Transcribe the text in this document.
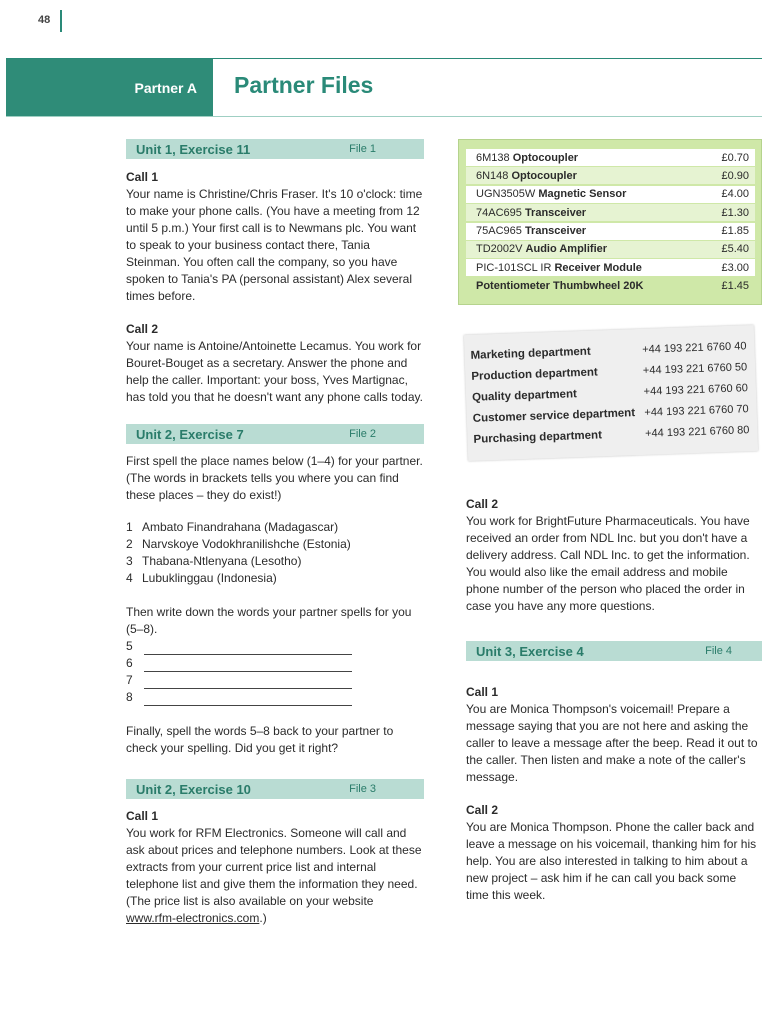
48
Partner A Partner Files
Unit 1, Exercise 11	File 1
Call 1

Your name is Christine/Chris Fraser. It's 10 o'clock: time to make your phone calls. (You have a meeting from 12 until 5 p.m.) Your first call is to Newmans plc. You want to speak to your business contact there, Tania Steinman. You often call the company, so you have spoken to Tania's PA (personal assistant) Alex several times before.

Call 2

Your name is Antoine/Antoinette Lecamus. You work for Bouret-Bouget as a secretary. Answer the phone and help the caller. Important: your boss, Yves Martignac, has told you that he doesn't want any phone calls today.

Unit 2, Exercise 7	File 2

First spell the place names below (1–4) for your partner. (The words in brackets tells you where you can find these places – they do exist!)

1 Ambato Finandrahana (Madagascar)
2 Narvskoye Vodokhranilishche (Estonia)
3 Thabana-Ntlenyana (Lesotho)
4 Lubuklinggau (Indonesia)

Then write down the words your partner spells for you (5–8).

5
6
7
8

Finally, spell the words 5–8 back to your partner to check your spelling. Did you get it right?

Unit 2, Exercise 10	File 3
Call 1

You work for RFM Electronics. Someone will call and ask about prices and telephone numbers. Look at these extracts from your current price list and internal telephone list and give them the information they need. (The price list is also available on your website www.rfm-electronics.com.)

6M138 Optocoupler	£0.70
6N148 Optocoupler	£0.90
UGN3505W Magnetic Sensor	£4.00
74AC695 Transceiver	£1.30
75AC965 Transceiver	£1.85
TD2002V Audio Amplifier	£5.40
PIC-101SCL IR Receiver Module	£3.00
Potentiometer Thumbwheel 20K	£1.45
Marketing department	+44 193 221 6760 40
Production department	+44 193 221 6760 50
Quality department	+44 193 221 6760 60
Customer service department +44 193 221 6760 70
Purchasing department	+44 193 221 6760 80
Call 2

You work for BrightFuture Pharmaceuticals. You have received an order from NDL Inc. but you don't have a delivery address. Call NDL Inc. to get the information. You would also like the email address and mobile phone number of the person who placed the order in case you have any more questions.

Unit 3, Exercise 4	File 4
Call 1

You are Monica Thompson's voicemail! Prepare a message saying that you are not here and asking the caller to leave a message after the beep. Read it out to the caller. Then listen and make a note of the caller's message.

Call 2

You are Monica Thompson. Phone the caller back and leave a message on his voicemail, thanking him for his help. You are also interested in talking to him about a new project – ask him if he can call you back some time this week.
